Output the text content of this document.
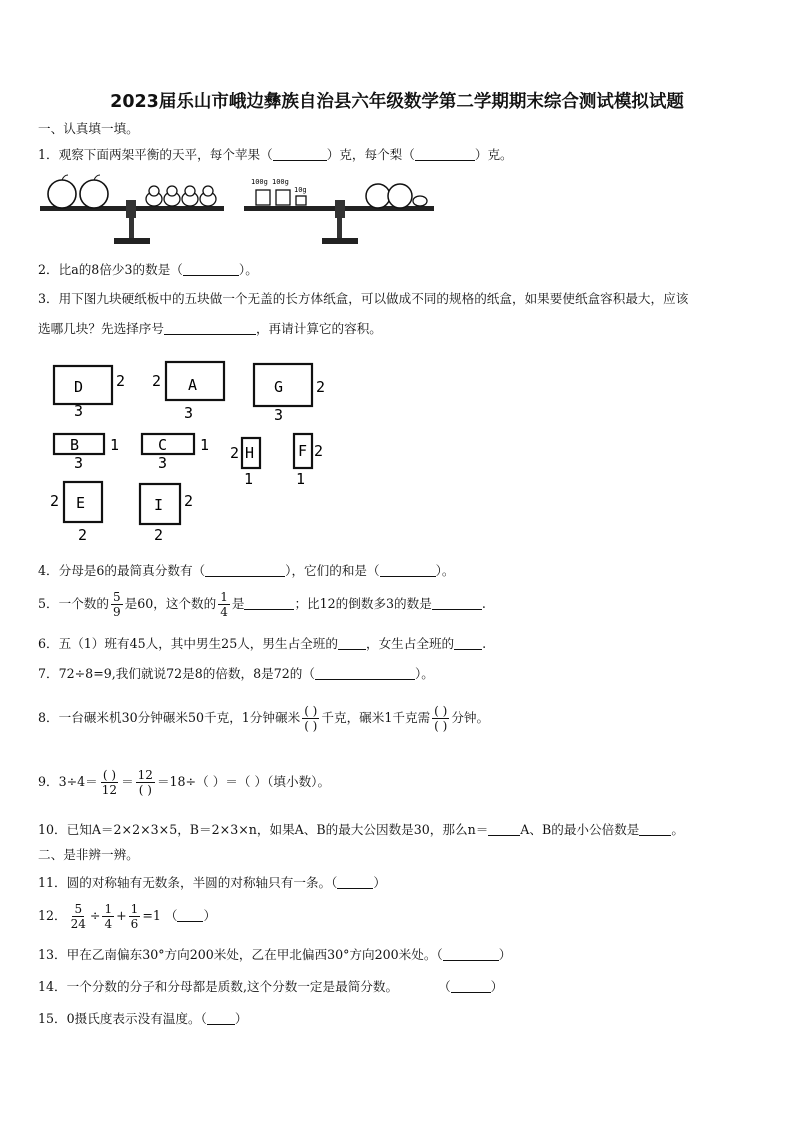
2023届乐山市峨边彝族自治县六年级数学第二学期期末综合测试模拟试题
一、认真填一填。
1．观察下面两架平衡的天平，每个苹果（	）克，每个梨（	）克。
100g 100g
10g
2．比a的8倍少3的数是（	）。
3．用下图九块硬纸板中的五块做一个无盖的长方体纸盒，可以做成不同的规格的纸盒，如果要使纸盒容积最大，应该
选哪几块？先选择序号	，再请计算它的容积。
D 2
3
A
2
3
G 2
3
B 1
3
C 1
3
H
2
1
F 2
1
E
2
2
I 2
2
4．分母是6的最简真分数有（	），它们的和是（	）。
5．一个数的 $\frac{5}{9}$ 是60，这个数的 $\frac{1}{4}$ 是	；比12的倒数多3的数是	.
6．五（1）班有45人，其中男生25人，男生占全班的 ，女生占全班的 .
7．72÷8=9,我们就说72是8的倍数，8是72的（	）。
8．一台碾米机30分钟碾米50千克，1分钟碾米 $\frac{( )}{( )}$ 千克，碾米1千克需 $\frac{( )}{( )}$ 分钟。
9．$3\div 4= \frac{( )}{12} = \frac{12}{( )} =18\div$（ ）＝（ ）（填小数）。
10．已知A＝2×2×3×5，B＝2×3×n，如果A、B的最大公因数是30，那么n＝	A、B的最小公倍数是	。
二、是非辨一辨。
11．圆的对称轴有无数条，半圆的对称轴只有一条。（	）
12． $\frac{5}{24} \div \frac{1}{4} + \frac{1}{6} =1$ （ ）
13．甲在乙南偏东30°方向200米处，乙在甲北偏西30°方向200米处。（	）
14．一个分数的分子和分母都是质数,这个分数一定是最简分数。	（	）
15．0摄氏度表示没有温度。（ ）
